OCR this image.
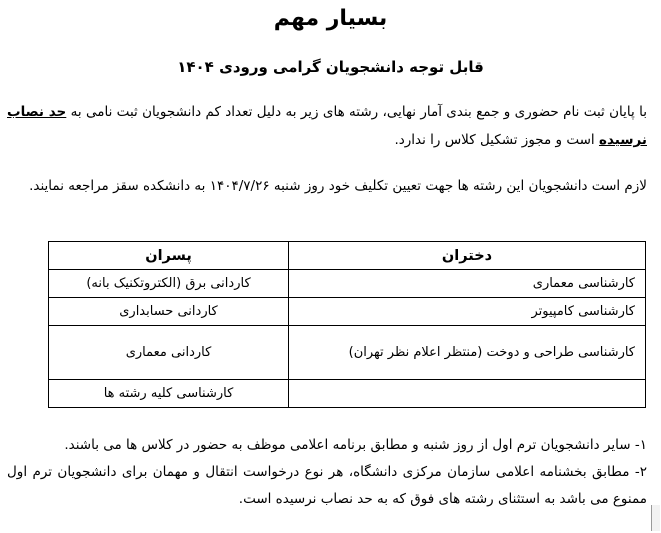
بسیار مهم
قابل توجه دانشجویان گرامی ورودی ۱۴۰۴
با پایان ثبت نام حضوری و جمع بندی آمار نهایی، رشته های زیر به دلیل تعداد کم دانشجویان ثبت نامی به حد نصاب نرسیده است و مجوز تشکیل کلاس را ندارد.
لازم است دانشجویان این رشته ها جهت تعیین تکلیف خود روز شنبه ۱۴۰۴/۷/۲۶ به دانشکده سقز مراجعه نمایند.
دختران	پسران
کارشناسی معماری	کاردانی برق (الکتروتکنیک بانه)
کارشناسی کامپیوتر	کاردانی حسابداری
کارشناسی طراحی و دوخت (منتظر اعلام نظر تهران)	کاردانی معماری
	کارشناسی کلیه رشته ها
۱- سایر دانشجویان ترم اول از روز شنبه و مطابق برنامه اعلامی موظف به حضور در کلاس ها می باشند.
۲- مطابق بخشنامه اعلامی سازمان مرکزی دانشگاه، هر نوع درخواست انتقال و مهمان برای دانشجویان ترم اول ممنوع می باشد به استثنای رشته های فوق که به حد نصاب نرسیده است.
